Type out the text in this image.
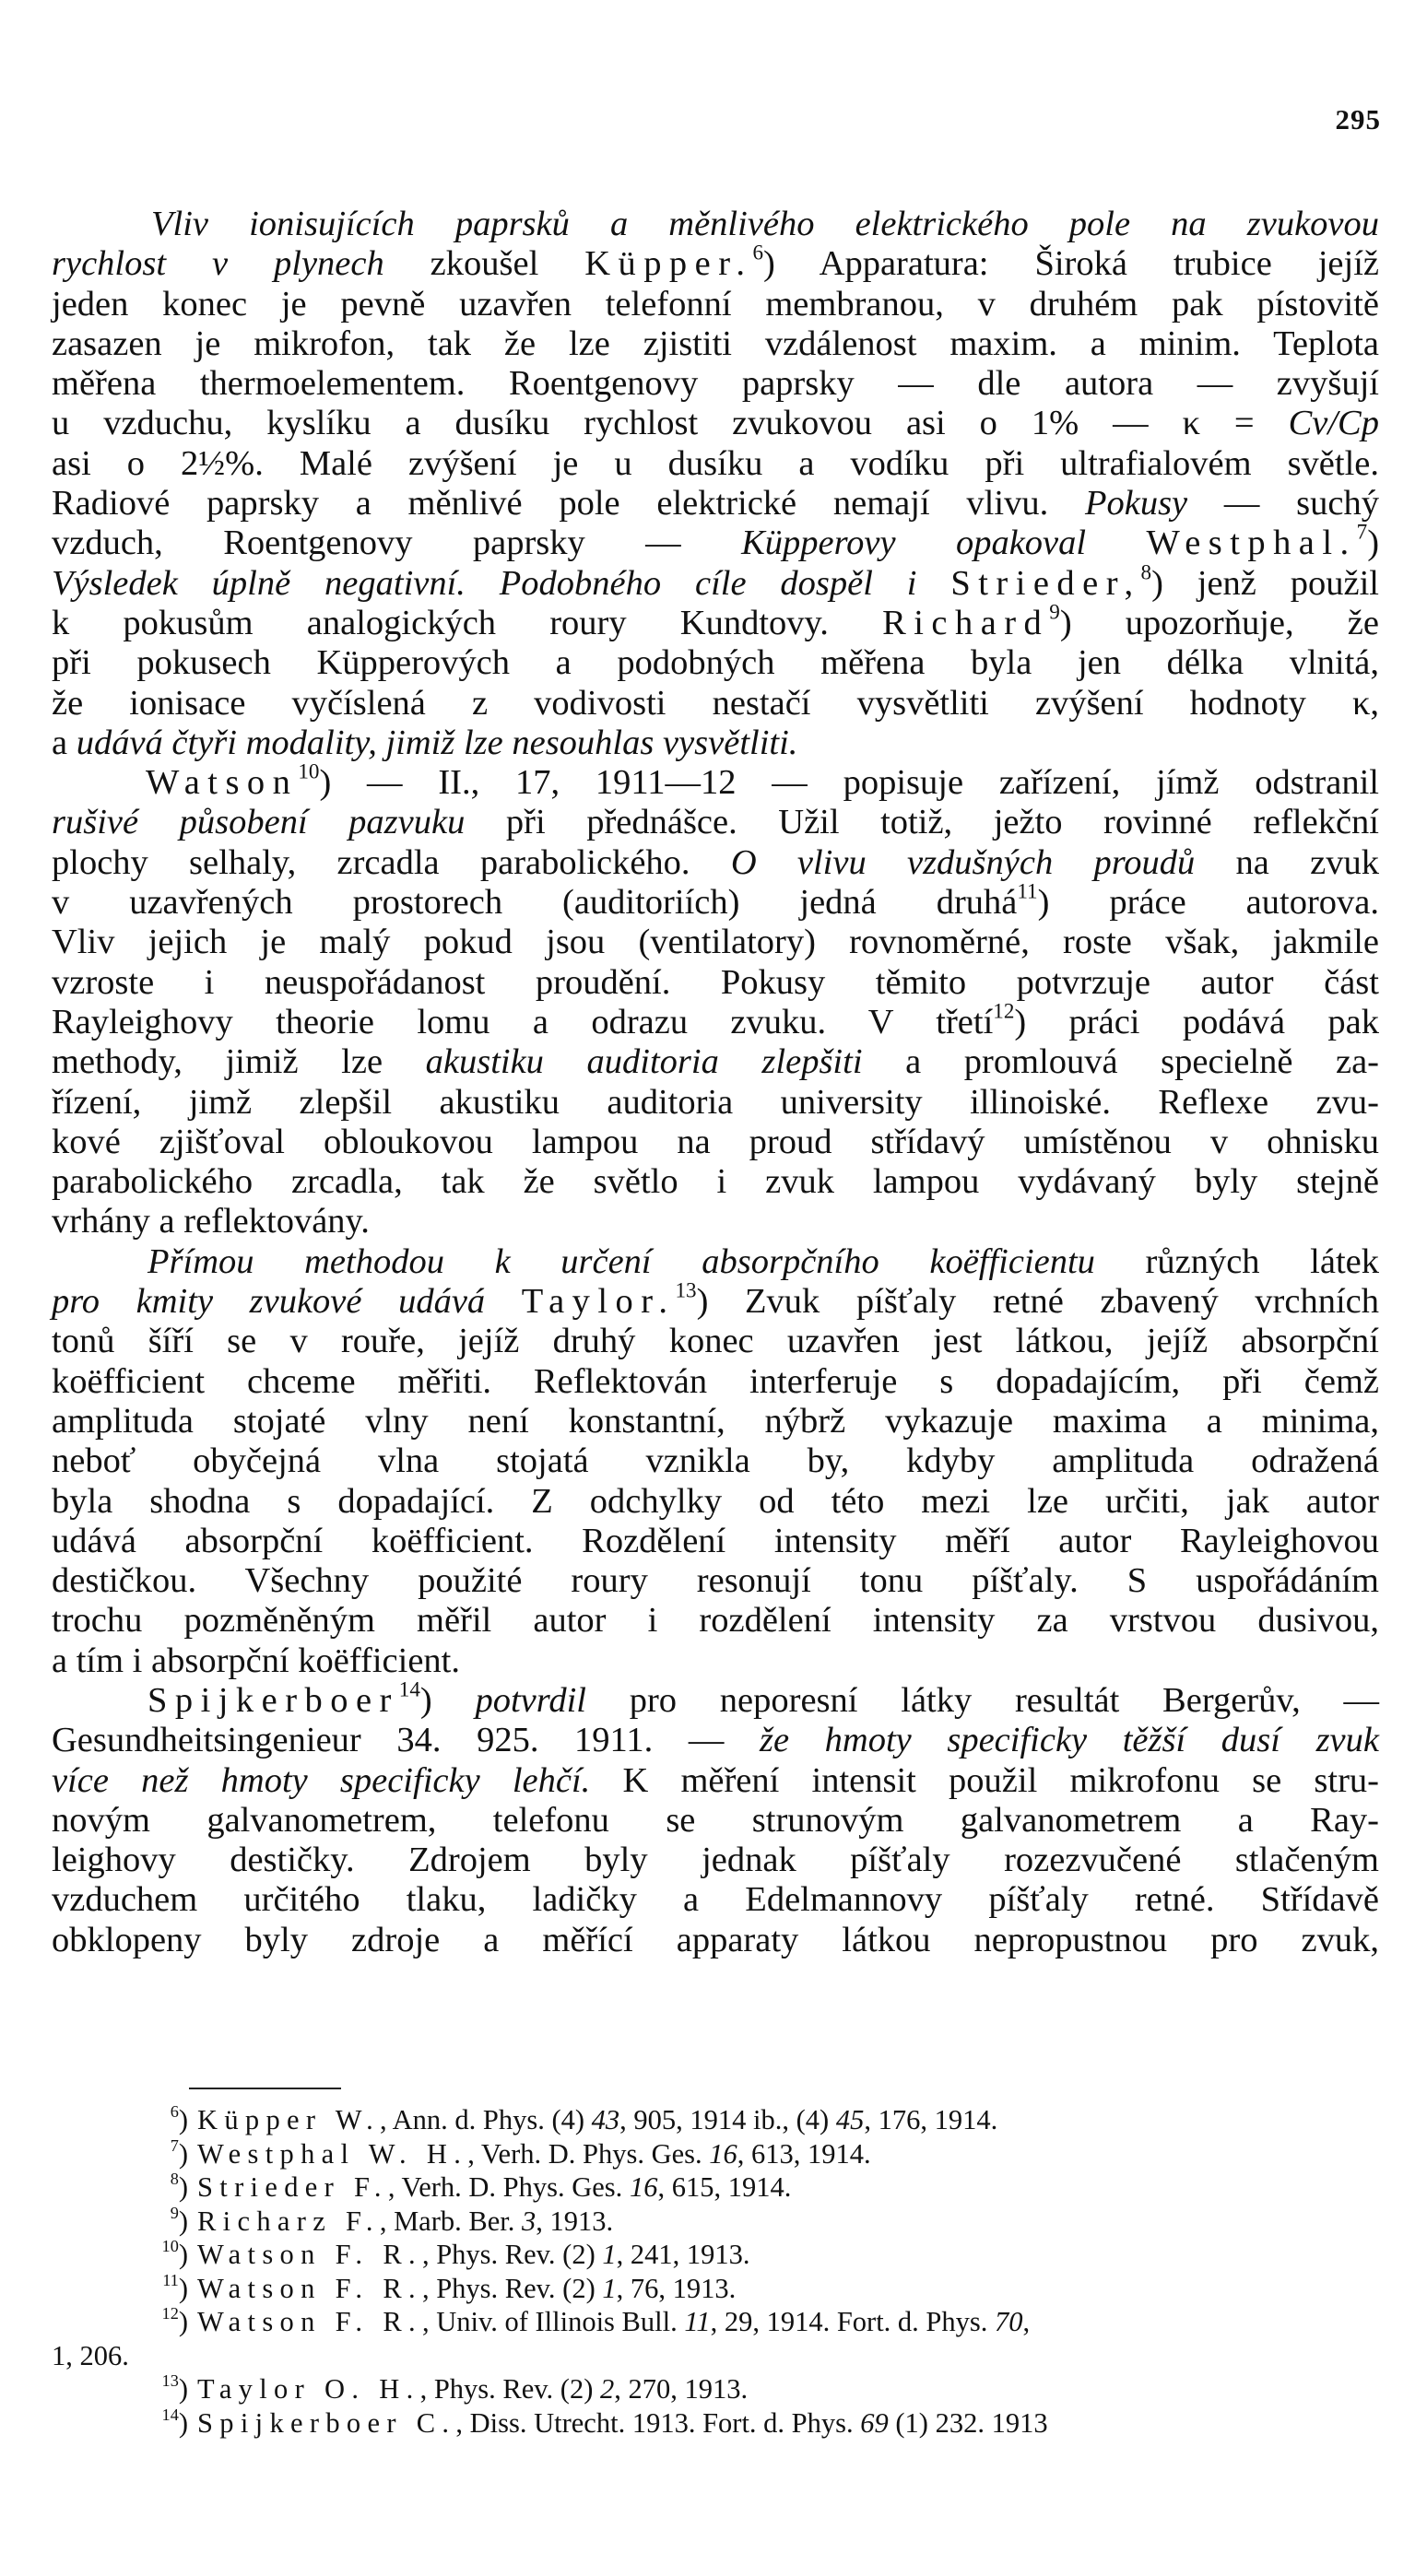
295
Vliv ionisujících paprsků a měnlivého elektrického pole na zvukovou
rychlost v plynech zkoušel Küpper.$^6$) Apparatura: Široká trubice jejíž
jeden konec je pevně uzavřen telefonní membranou, v druhém pak pístovitě
zasazen je mikrofon, tak že lze zjistiti vzdálenost maxim. a minim. Teplota
měřena thermoelementem. Roentgenovy paprsky — dle autora — zvyšují
u vzduchu, kysl͏íku a dusíku rychlost zvukovou asi o 1% — κ = Cv/Cp
asi o 2½%. Malé zvýšení je u dusíku a vodíku při ultrafialovém světle.
Radiové paprsky a měnlivé pole elektrické nemají vlivu. Pokusy — suchý
vzduch, Roentgenovy paprsky — Küpperovy opakoval Westphal.$^7$)
Výsledek úplně negativní. Podobného cíle dospěl i Strieder,$^8$) jenž použil
k pokusům analogických roury Kundtovy. Richard$^9$) upozorňuje, že
při pokusech Küpperových a podobných měřena byla jen délka vlnitá,
že ionisace vyčíslená z vodivosti nestačí vysvětliti zvýšení hodnoty κ,
a udává čtyři modality, jimiž lze nesouhlas vysvětliti.
Watson$^{10}$) — II., 17, 1911—12 — popisuje zařízení, jímž odstranil
rušivé působení pazvuku při přednášce. Užil totiž, ježto rovinné reflekční
plochy selhaly, zrcadla parabolického. O vlivu vzdušných proudů na zvuk
v uzavřených prostorech (auditoriích) jedná druhá$^{11}$) práce autorova.
Vliv jejich je malý pokud jsou (ventilatory) rovnoměrné, roste však, jakmile
vzroste i neuspořádanost proudění. Pokusy těmito potvrzuje autor část
Rayleighovy theorie lomu a odrazu zvuku. V třetí$^{12}$) práci podává pak
methody, jimiž lze akustiku auditoria zlepšiti a promlouvá specielně za-
řízení, jimž zlepšil akustiku auditoria university illinoiské. Reflexe zvu-
kové zjišťoval obloukovou lampou na proud střídavý umístěnou v ohnisku
parabolického zrcadla, tak že světlo i zvuk lampou vydávaný byly stejně
vrhány a reflektovány.
Přímou methodou k určení absorpčního koëfficientu různých látek
pro kmity zvukové udává Taylor.$^{13}$) Zvuk píšťaly retné zbavený vrchních
tonů šíří se v rouře, jejíž druhý konec uzavřen jest látkou, jejíž absorpční
koëfficient chceme měřiti. Reflektován interferuje s dopadajícím, při čemž
amplituda stojaté vlny není konstantní, nýbrž vykazuje maxima a minima,
neboť obyčejná vlna stojatá vznikla by, kdyby amplituda odražená
byla shodna s dopadající. Z odchylky od této mezi lze určiti, jak autor
udává absorpční koëfficient. Rozdělení intensity měří autor Rayleighovou
destičkou. Všechny použité roury resonují tonu píšťaly. S uspořádáním
trochu pozměněným měřil autor i rozdělení intensity za vrstvou dusivou,
a tím i absorpční koëfficient.
Spijkerboer$^{14}$) potvrdil pro neporesní látky resultát Bergerův, —
Gesundheitsingenieur 34. 925. 1911. — že hmoty specificky těžší dusí zvuk
více než hmoty specificky lehčí. K měření intensit použil mikrofonu se stru-
novým galvanometrem, telefonu se strunovým galvanometrem a Ray-
leighovy destičky. Zdrojem byly jednak píšťaly rozezvučené stlačeným
vzduchem určitého tlaku, ladičky a Edelmannovy píšťaly retné. Střídavě
obklopeny byly zdroje a měřící apparaty látkou nepropustnou pro zvuk,
$^6$) Küpper W., Ann. d. Phys. (4) 43, 905, 1914 ib., (4) 45, 176, 1914.
$^7$) Westphal W. H., Verh. D. Phys. Ges. 16, 613, 1914.
$^8$) Strieder F., Verh. D. Phys. Ges. 16, 615, 1914.
$^9$) Richarz F., Marb. Ber. 3, 1913.
$^{10}$) Watson F. R., Phys. Rev. (2) 1, 241, 1913.
$^{11}$) Watson F. R., Phys. Rev. (2) 1, 76, 1913.
$^{12}$) Watson F. R., Univ. of Illinois Bull. 11, 29, 1914. Fort. d. Phys. 70,
1, 206.
$^{13}$) Taylor O. H., Phys. Rev. (2) 2, 270, 1913.
$^{14}$) Spijkerboer C., Diss. Utrecht. 1913. Fort. d. Phys. 69 (1) 232. 1913
